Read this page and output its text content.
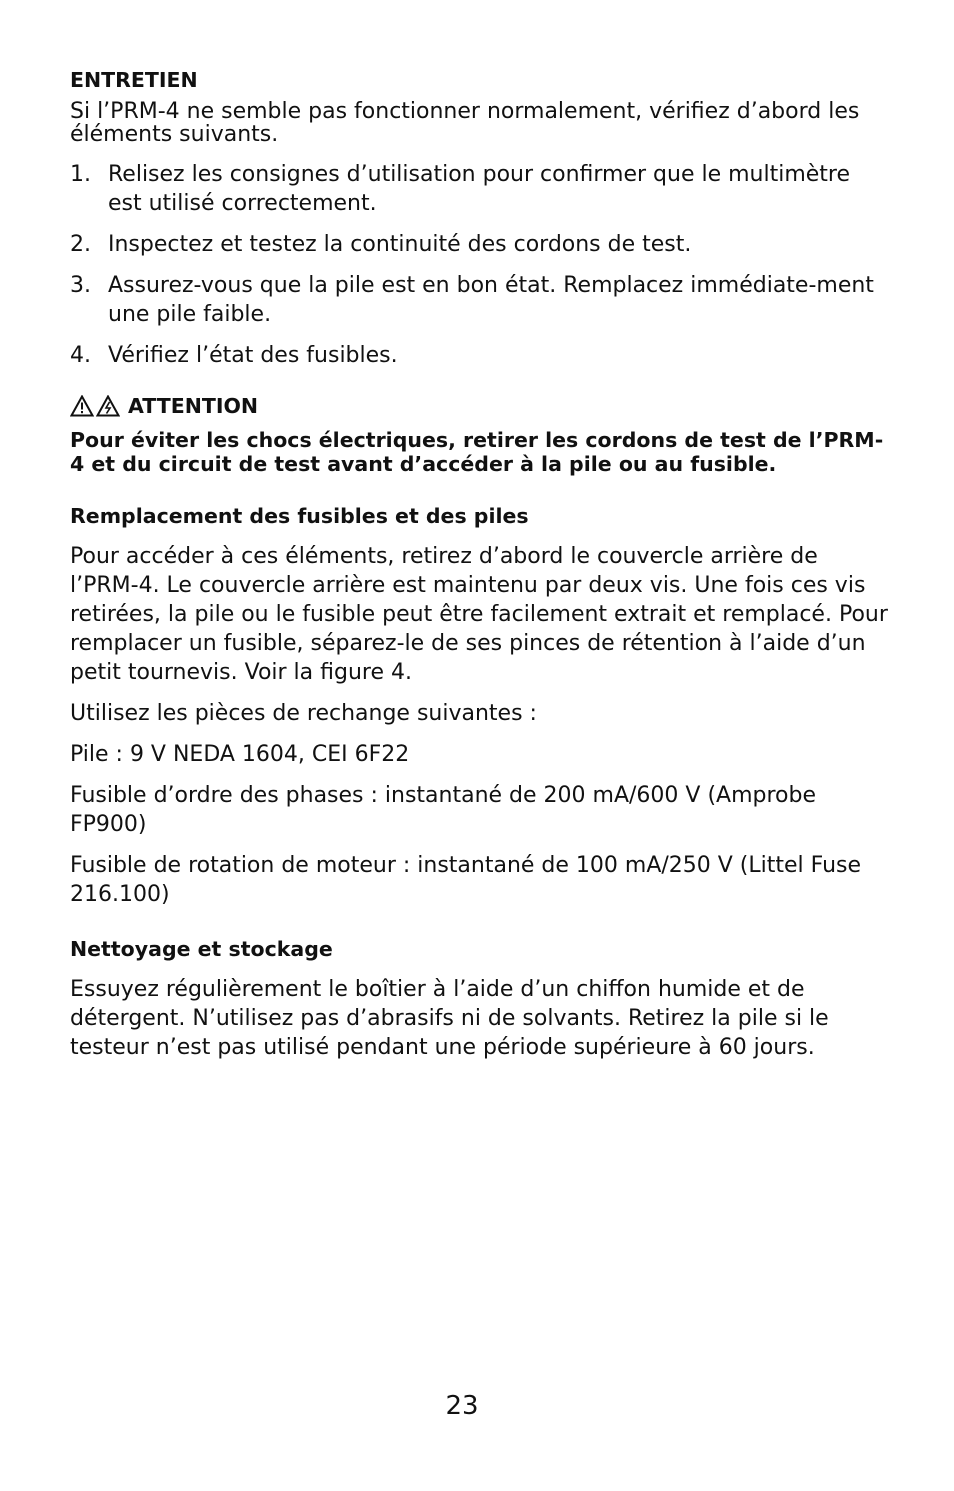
ENTRETIEN

Si l’PRM-4 ne semble pas fonctionner normalement, vérifiez d’abord les éléments suivants.

1. Relisez les consignes d’utilisation pour confirmer que le multimètre est utilisé correctement.
2. Inspectez et testez la continuité des cordons de test.
3. Assurez-vous que la pile est en bon état. Remplacez immédiate-ment une pile faible.
4. Vérifiez l’état des fusibles.
ATTENTION

Pour éviter les chocs électriques, retirer les cordons de test de l’PRM-4 et du circuit de test avant d’accéder à la pile ou au fusible.

Remplacement des fusibles et des piles

Pour accéder à ces éléments, retirez d’abord le couvercle arrière de l’PRM-4. Le couvercle arrière est maintenu par deux vis. Une fois ces vis retirées, la pile ou le fusible peut être facilement extrait et remplacé. Pour remplacer un fusible, séparez-le de ses pinces de rétention à l’aide d’un petit tournevis. Voir la figure 4.

Utilisez les pièces de rechange suivantes :

Pile : 9 V NEDA 1604, CEI 6F22

Fusible d’ordre des phases : instantané de 200 mA/600 V (Amprobe FP900)

Fusible de rotation de moteur : instantané de 100 mA/250 V (Littel Fuse 216.100)

Nettoyage et stockage

Essuyez régulièrement le boîtier à l’aide d’un chiffon humide et de détergent. N’utilisez pas d’abrasifs ni de solvants. Retirez la pile si le testeur n’est pas utilisé pendant une période supérieure à 60 jours.

23
